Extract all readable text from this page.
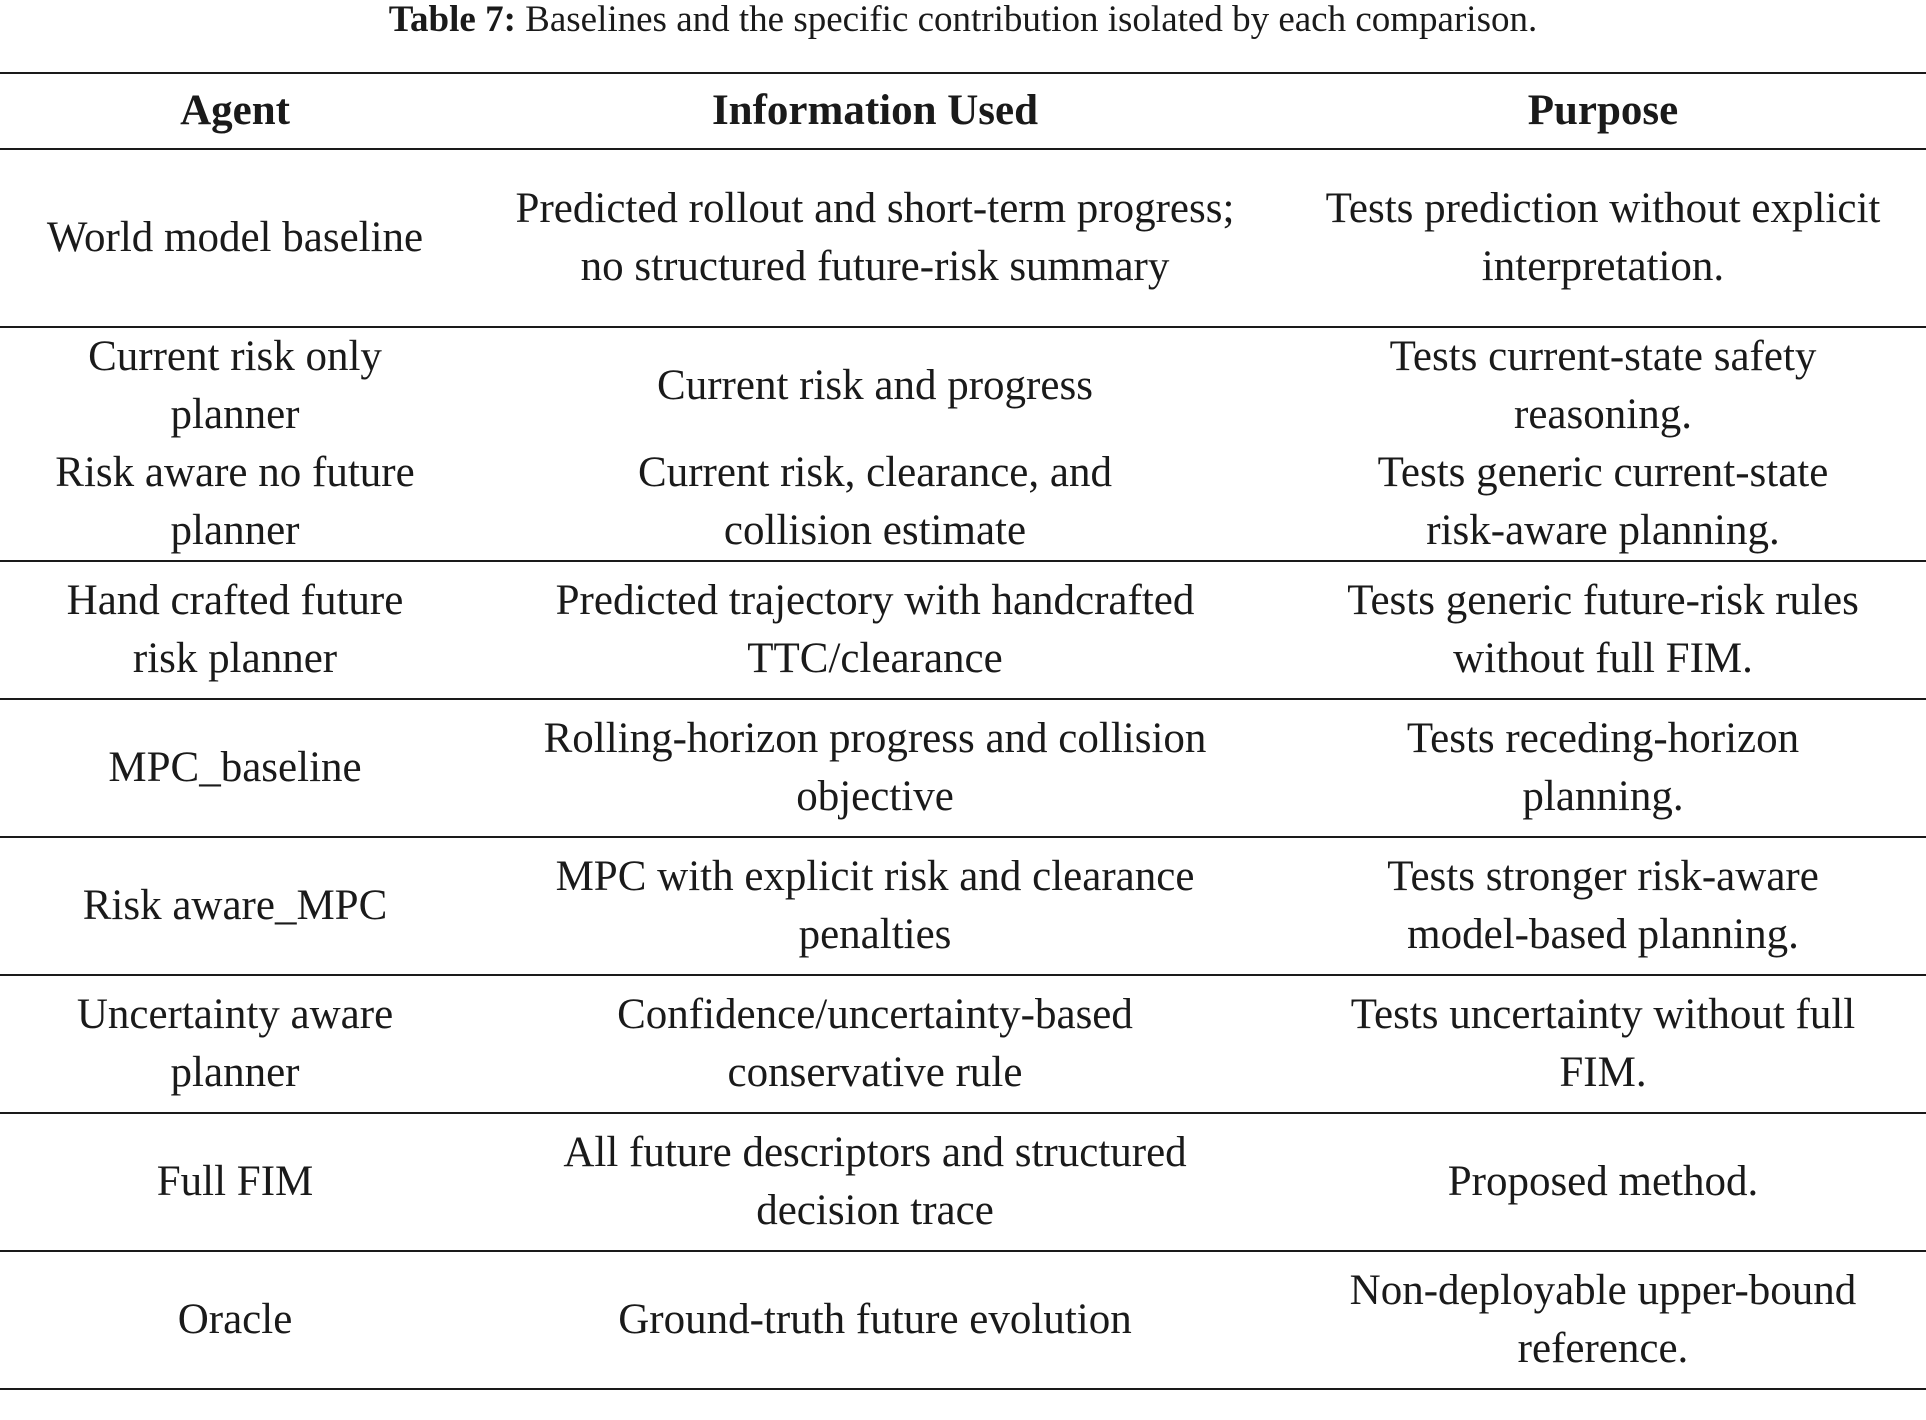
Table 7: Baselines and the specific contribution isolated by each comparison.
Agent	Information Used	Purpose
World model baseline	Predicted rollout and short-term progress; no structured future-risk summary	Tests prediction without explicit interpretation.
Current risk only planner	Current risk and progress	Tests current-state safety reasoning.
Risk aware no future planner	Current risk, clearance, and collision estimate	Tests generic current-state risk-aware planning.
Hand crafted future risk planner	Predicted trajectory with handcrafted TTC/clearance	Tests generic future-risk rules without full FIM.
MPC_baseline	Rolling-horizon progress and collision objective	Tests receding-horizon planning.
Risk aware_MPC	MPC with explicit risk and clearance penalties	Tests stronger risk-aware model-based planning.
Uncertainty aware planner	Confidence/uncertainty-based conservative rule	Tests uncertainty without full FIM.
Full FIM	All future descriptors and structured decision trace	Proposed method.
Oracle	Ground-truth future evolution	Non-deployable upper-bound reference.
